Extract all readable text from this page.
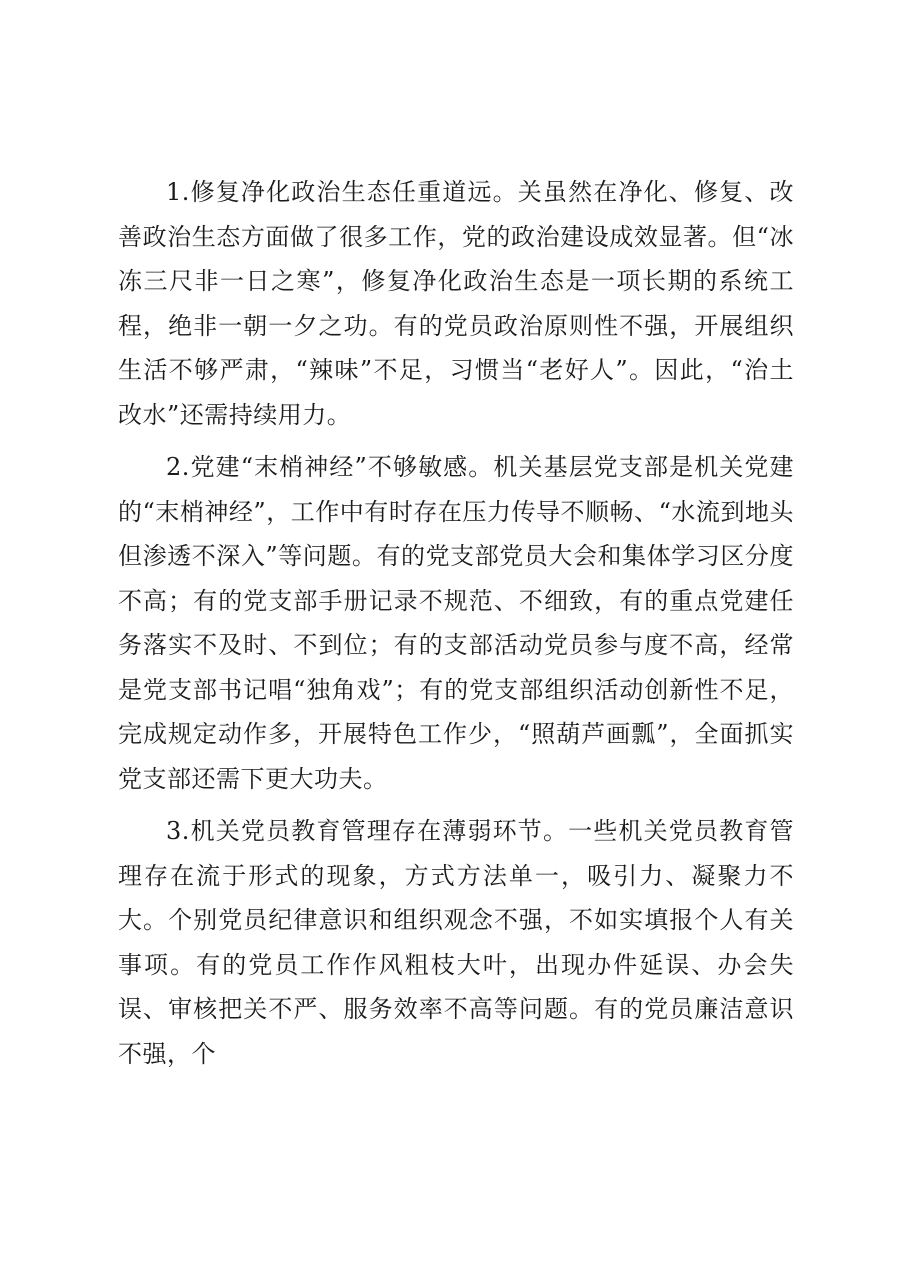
1.修复净化政治生态任重道远。关虽然在净化、修复、改善政治生态方面做了很多工作，党的政治建设成效显著。但“冰冻三尺非一日之寒”，修复净化政治生态是一项长期的系统工程，绝非一朝一夕之功。有的党员政治原则性不强，开展组织生活不够严肃，“辣味”不足，习惯当“老好人”。因此，“治土改水”还需持续用力。

2.党建“末梢神经”不够敏感。机关基层党支部是机关党建的“末梢神经”，工作中有时存在压力传导不顺畅、“水流到地头但渗透不深入”等问题。有的党支部党员大会和集体学习区分度不高；有的党支部手册记录不规范、不细致，有的重点党建任务落实不及时、不到位；有的支部活动党员参与度不高，经常是党支部书记唱“独角戏”；有的党支部组织活动创新性不足，完成规定动作多，开展特色工作少，“照葫芦画瓢”，全面抓实党支部还需下更大功夫。

3.机关党员教育管理存在薄弱环节。一些机关党员教育管理存在流于形式的现象，方式方法单一，吸引力、凝聚力不大。个别党员纪律意识和组织观念不强，不如实填报个人有关事项。有的党员工作作风粗枝大叶，出现办件延误、办会失误、审核把关不严、服务效率不高等问题。有的党员廉洁意识不强，个
